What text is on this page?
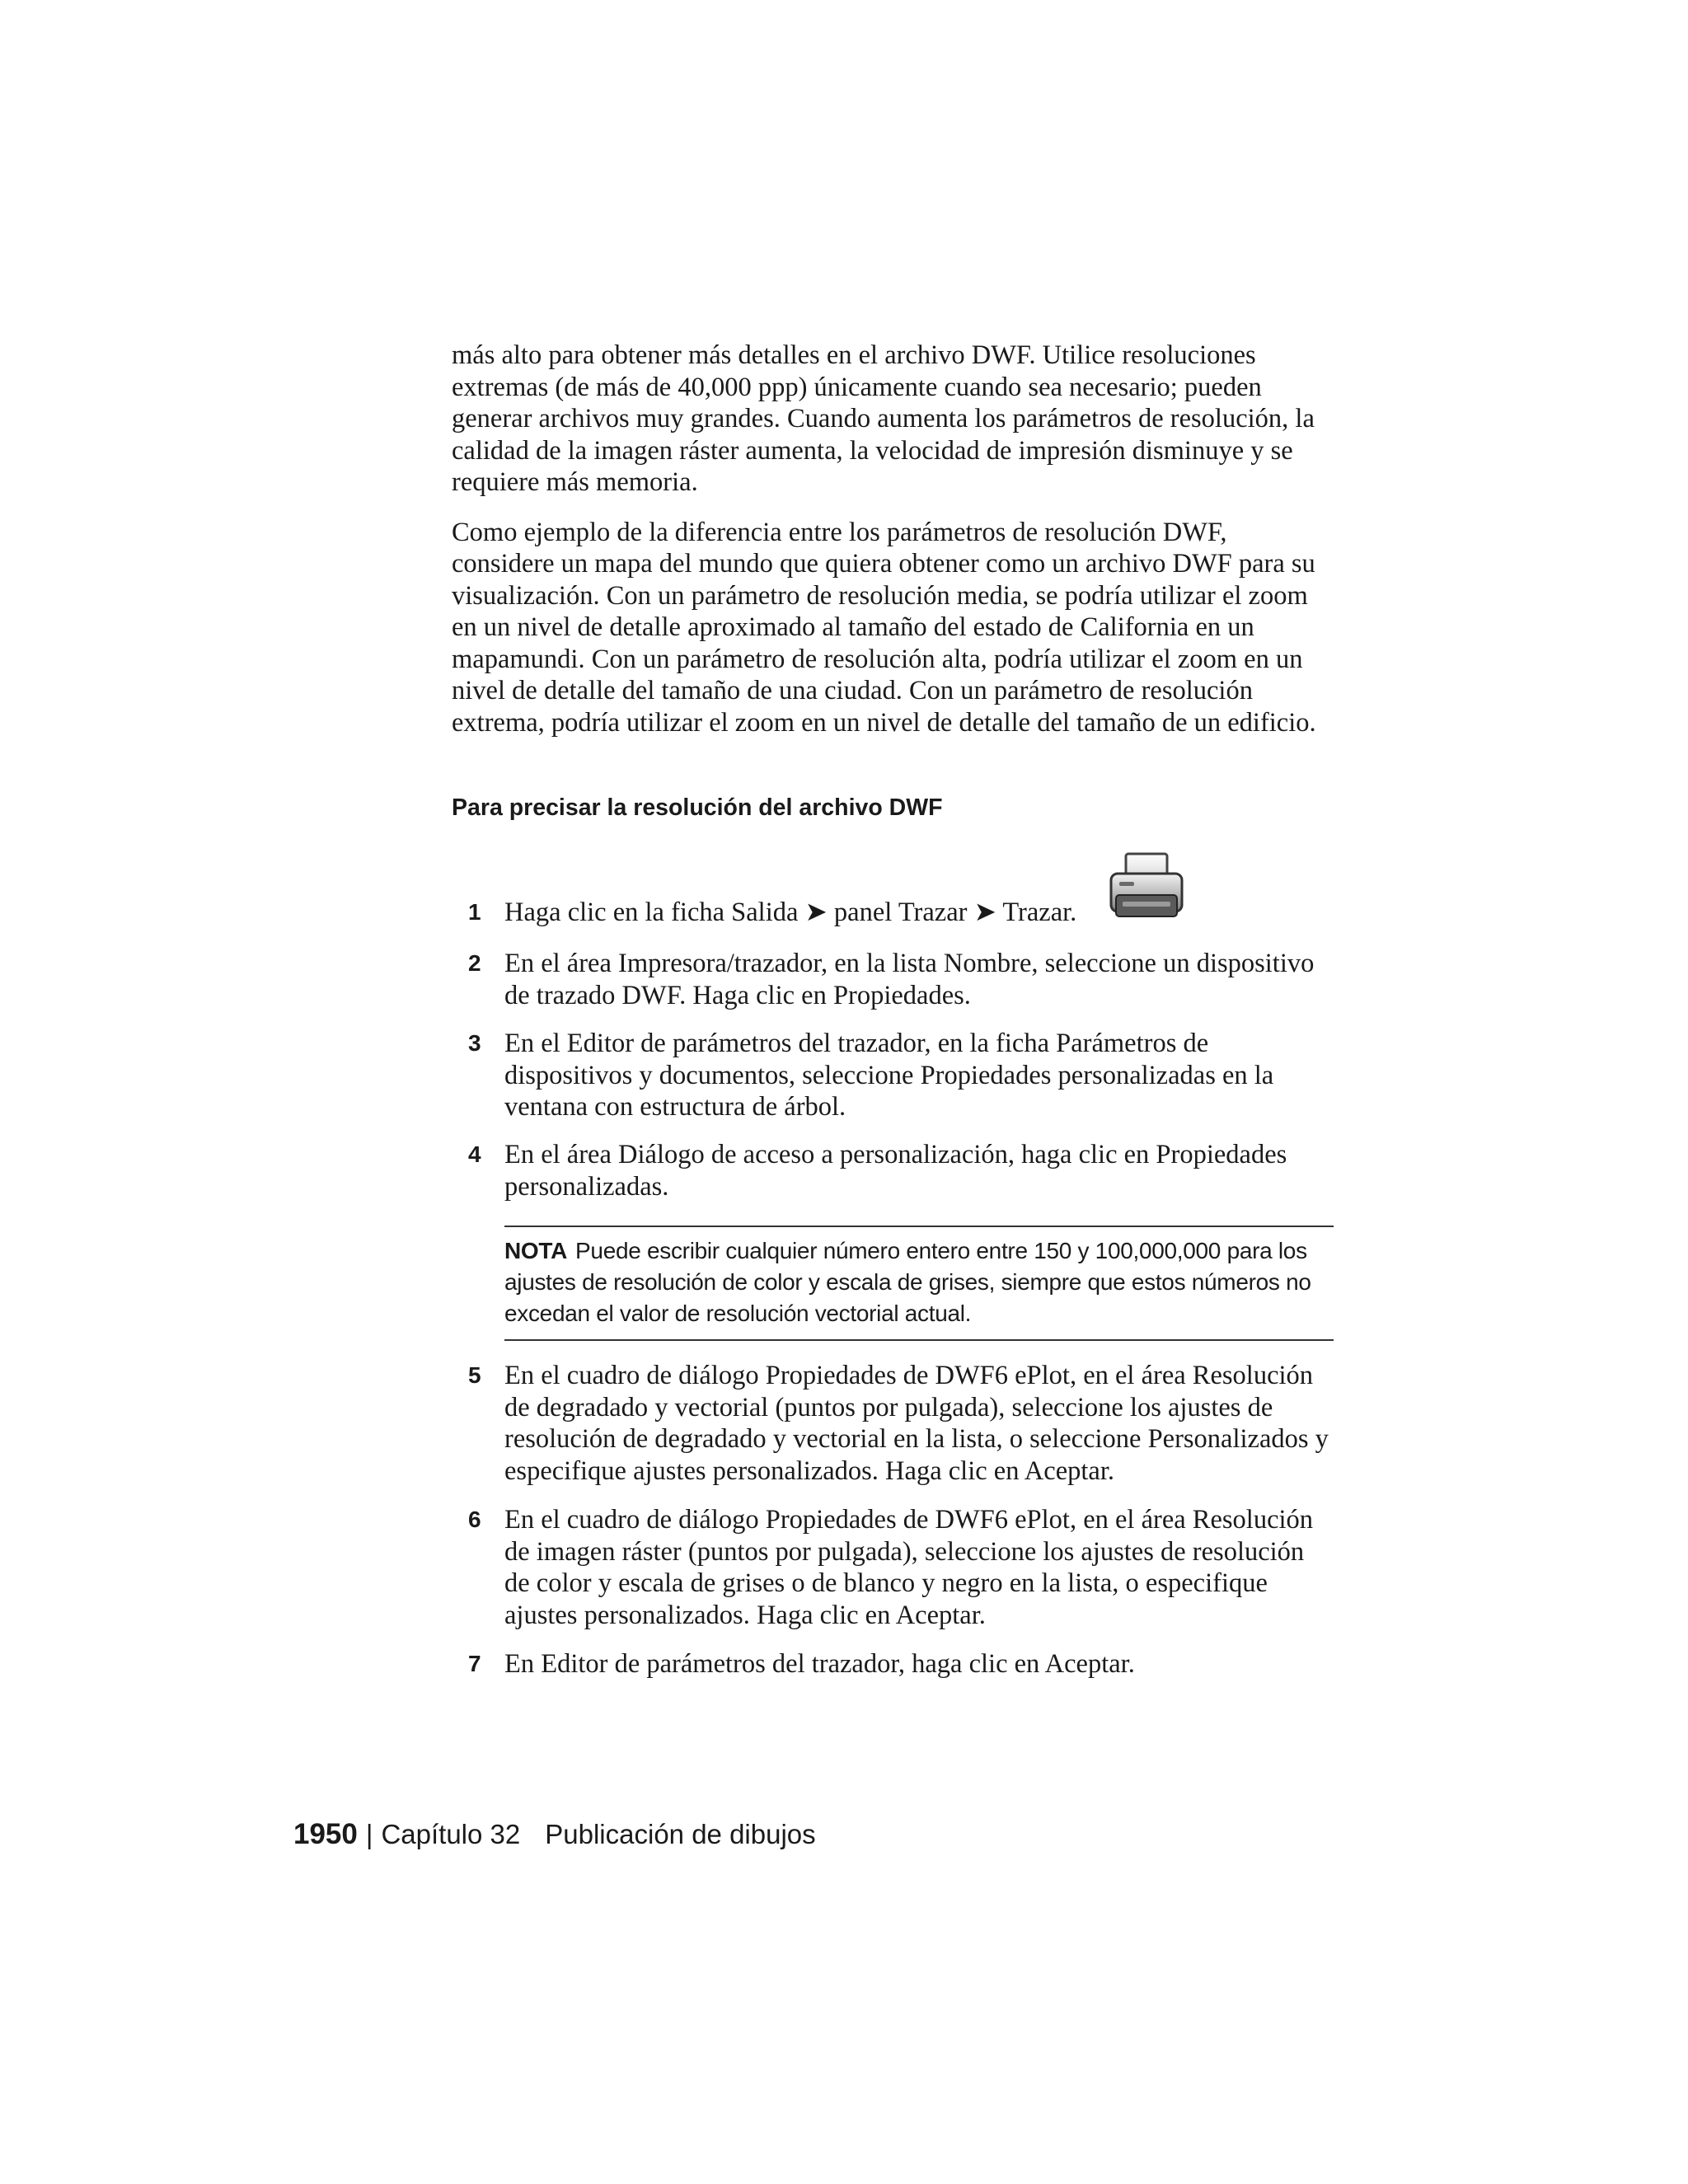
más alto para obtener más detalles en el archivo DWF. Utilice resoluciones extremas (de más de 40,000 ppp) únicamente cuando sea necesario; pueden generar archivos muy grandes. Cuando aumenta los parámetros de resolución, la calidad de la imagen ráster aumenta, la velocidad de impresión disminuye y se requiere más memoria.

Como ejemplo de la diferencia entre los parámetros de resolución DWF, considere un mapa del mundo que quiera obtener como un archivo DWF para su visualización. Con un parámetro de resolución media, se podría utilizar el zoom en un nivel de detalle aproximado al tamaño del estado de California en un mapamundi. Con un parámetro de resolución alta, podría utilizar el zoom en un nivel de detalle del tamaño de una ciudad. Con un parámetro de resolución extrema, podría utilizar el zoom en un nivel de detalle del tamaño de un edificio.

Para precisar la resolución del archivo DWF

1 Haga clic en la ficha Salida ➤ panel Trazar ➤ Trazar.
2 En el área Impresora/trazador, en la lista Nombre, seleccione un dispositivo de trazado DWF. Haga clic en Propiedades.
3 En el Editor de parámetros del trazador, en la ficha Parámetros de dispositivos y documentos, seleccione Propiedades personalizadas en la ventana con estructura de árbol.
4 En el área Diálogo de acceso a personalización, haga clic en Propiedades personalizadas.
5 En el cuadro de diálogo Propiedades de DWF6 ePlot, en el área Resolución de degradado y vectorial (puntos por pulgada), seleccione los ajustes de resolución de degradado y vectorial en la lista, o seleccione Personalizados y especifique ajustes personalizados. Haga clic en Aceptar.
6 En el cuadro de diálogo Propiedades de DWF6 ePlot, en el área Resolución de imagen ráster (puntos por pulgada), seleccione los ajustes de resolución de color y escala de grises o de blanco y negro en la lista, o especifique ajustes personalizados. Haga clic en Aceptar.
7 En Editor de parámetros del trazador, haga clic en Aceptar.

NOTA Puede escribir cualquier número entero entre 150 y 100,000,000 para los ajustes de resolución de color y escala de grises, siempre que estos números no excedan el valor de resolución vectorial actual.

1950 | Capítulo 32 Publicación de dibujos
